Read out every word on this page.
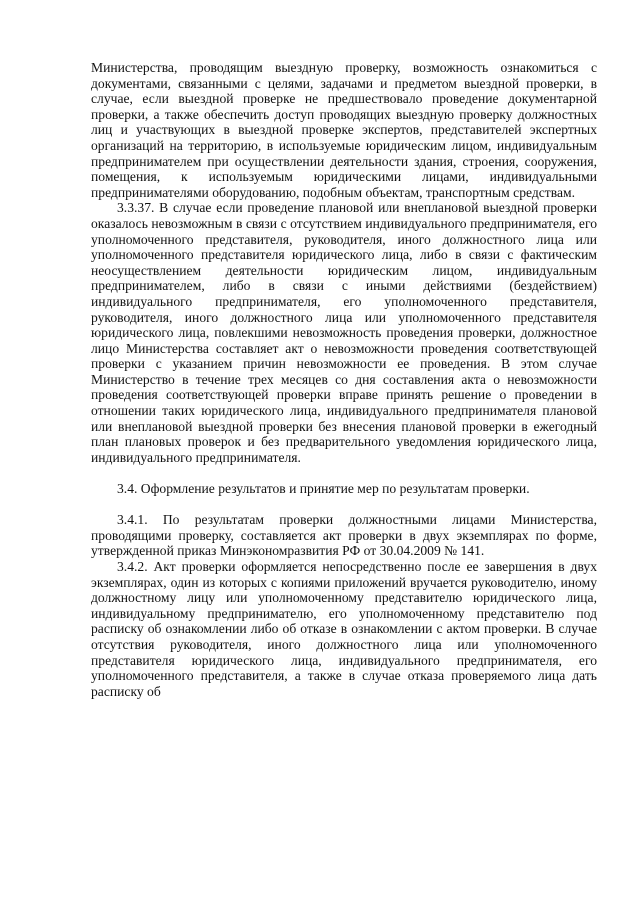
Министерства, проводящим выездную проверку, возможность ознакомиться с документами, связанными с целями, задачами и предметом выездной проверки, в случае, если выездной проверке не предшествовало проведение документарной проверки, а также обеспечить доступ проводящих выездную проверку должностных лиц и участвующих в выездной проверке экспертов, представителей экспертных организаций на территорию, в используемые юридическим лицом, индивидуальным предпринимателем при осуществлении деятельности здания, строения, сооружения, помещения, к используемым юридическими лицами, индивидуальными предпринимателями оборудованию, подобным объектам, транспортным средствам.

3.3.37. В случае если проведение плановой или внеплановой выездной проверки оказалось невозможным в связи с отсутствием индивидуального предпринимателя, его уполномоченного представителя, руководителя, иного должностного лица или уполномоченного представителя юридического лица, либо в связи с фактическим неосуществлением деятельности юридическим лицом, индивидуальным предпринимателем, либо в связи с иными действиями (бездействием) индивидуального предпринимателя, его уполномоченного представителя, руководителя, иного должностного лица или уполномоченного представителя юридического лица, повлекшими невозможность проведения проверки, должностное лицо Министерства составляет акт о невозможности проведения соответствующей проверки с указанием причин невозможности ее проведения. В этом случае Министерство в течение трех месяцев со дня составления акта о невозможности проведения соответствующей проверки вправе принять решение о проведении в отношении таких юридического лица, индивидуального предпринимателя плановой или внеплановой выездной проверки без внесения плановой проверки в ежегодный план плановых проверок и без предварительного уведомления юридического лица, индивидуального предпринимателя.

3.4. Оформление результатов и принятие мер по результатам проверки.

3.4.1. По результатам проверки должностными лицами Министерства, проводящими проверку, составляется акт проверки в двух экземплярах по форме, утвержденной приказ Минэкономразвития РФ от 30.04.2009 № 141.

3.4.2. Акт проверки оформляется непосредственно после ее завершения в двух экземплярах, один из которых с копиями приложений вручается руководителю, иному должностному лицу или уполномоченному представителю юридического лица, индивидуальному предпринимателю, его уполномоченному представителю под расписку об ознакомлении либо об отказе в ознакомлении с актом проверки. В случае отсутствия руководителя, иного должностного лица или уполномоченного представителя юридического лица, индивидуального предпринимателя, его уполномоченного представителя, а также в случае отказа проверяемого лица дать расписку об
